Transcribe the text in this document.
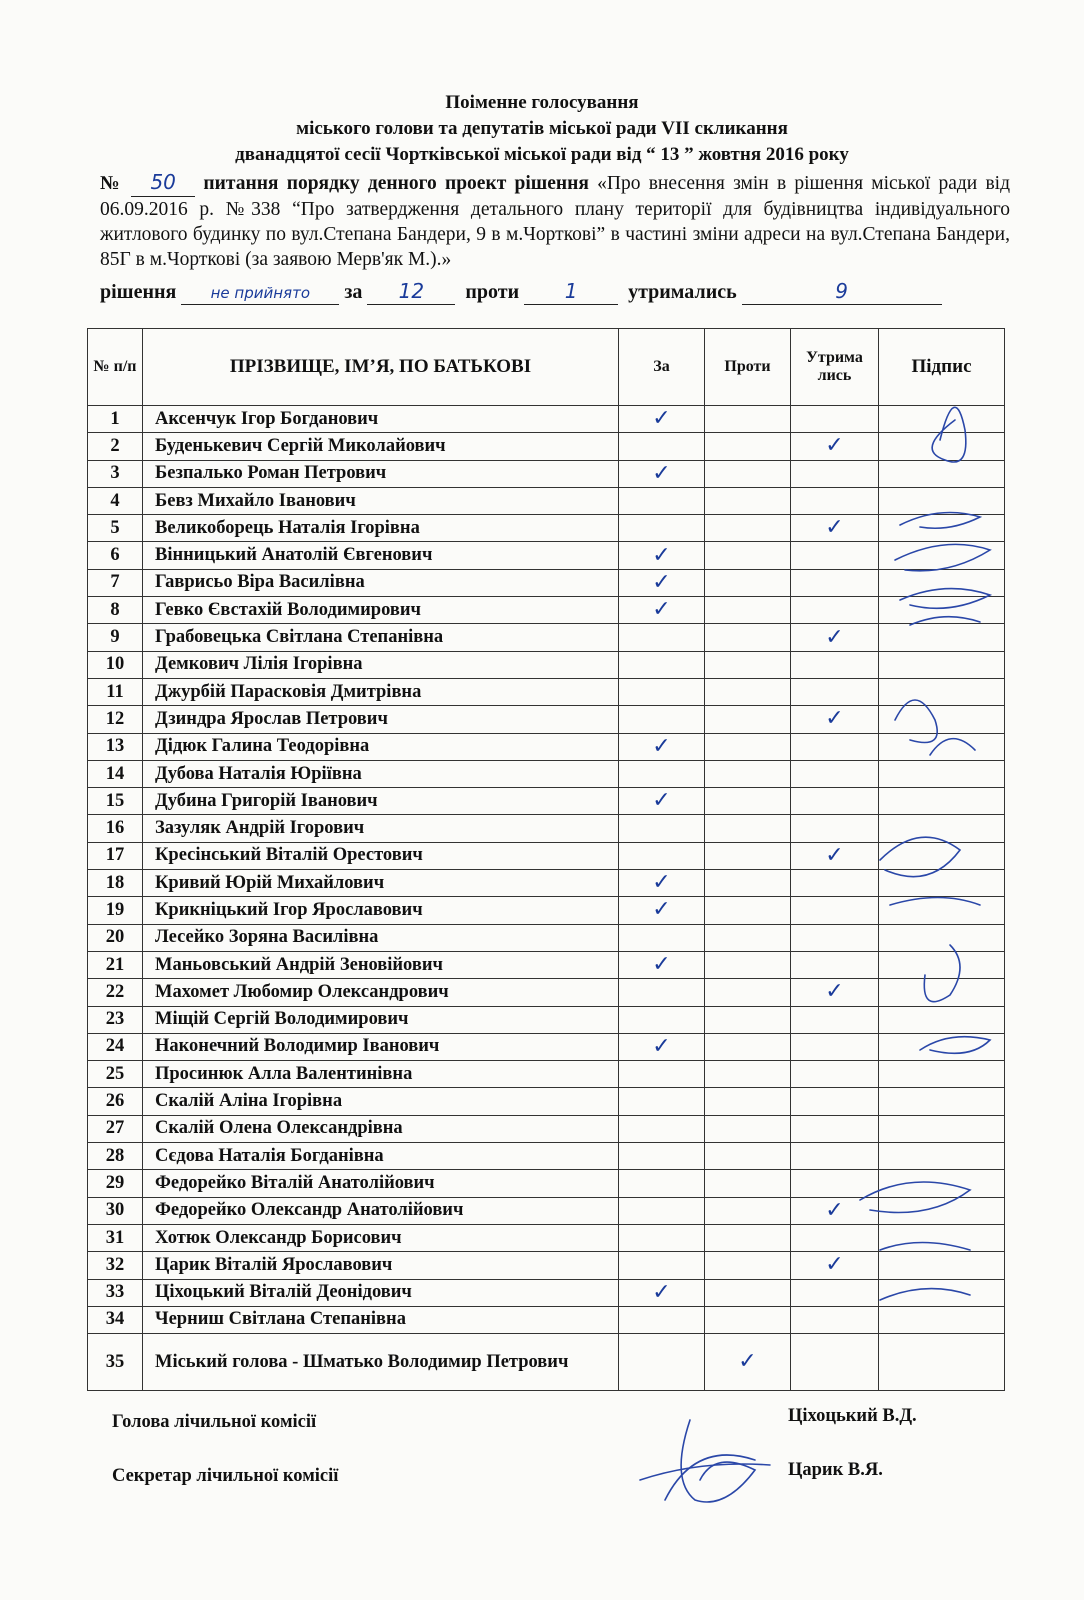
Поіменне голосування
міського голови та депутатів міської ради VII скликання
дванадцятої сесії Чортківської міської ради від “ 13 ” жовтня 2016 року
№ 50 питання порядку денного проект рішення «Про внесення змін в рішення міської ради від 06.09.2016 р. №338 “Про затвердження детального плану території для будівництва індивідуального житлового будинку по вул.Степана Бандери, 9 в м.Чорткові” в частині зміни адреси на вул.Степана Бандери, 85Г в м.Чорткові (за заявою Мерв'як М.).»
рішення не прийнято за 12 проти 1	утримались	9
№ п/п	ПРІЗВИЩЕ, ІМ’Я, ПО БАТЬКОВІ	За	Проти	Утрима лись	Підпис
1	Аксенчук Ігор Богданович	✓			

2	Буденькевич Сергій Миколайович			✓	

3	Безпалько Роман Петрович	✓			

4	Бевз Михайло Іванович				
5	Великоборець Наталія Ігорівна			✓	

6	Вінницький Анатолій Євгенович	✓			

7	Гаврисьо Віра Василівна	✓			

8	Гевко Євстахій Володимирович	✓			

9	Грабовецька Світлана Степанівна			✓	

10	Демкович Лілія Ігорівна				
11	Джурбій Парасковія Дмитрівна				
12	Дзиндра Ярослав Петрович			✓	

13	Дідюк Галина Теодорівна	✓			

14	Дубова Наталія Юріївна				
15	Дубина Григорій Іванович	✓			

16	Зазуляк Андрій Ігорович				
17	Кресінський Віталій Орестович			✓	

18	Кривий Юрій Михайлович	✓			

19	Крикніцький Ігор Ярославович	✓			

20	Лесейко Зоряна Василівна				
21	Маньовський Андрій Зеновійович	✓			

22	Махомет Любомир Олександрович			✓	

23	Міщій Сергій Володимирович				
24	Наконечний Володимир Іванович	✓			

25	Просинюк Алла Валентинівна				
26	Скалій Аліна Ігорівна				
27	Скалій Олена Олександрівна				
28	Сєдова Наталія Богданівна				
29	Федорейко Віталій Анатолійович				
30	Федорейко Олександр Анатолійович			✓	

31	Хотюк Олександр Борисович				
32	Царик Віталій Ярославович			✓	

33	Ціхоцький Віталій Деонідович	✓			

34	Черниш Світлана Степанівна				
35	Міський голова - Шматько Володимир Петрович		✓		

Голова лічильної комісії	Ціхоцький В.Д.
Секретар лічильної комісії	Царик В.Я.
